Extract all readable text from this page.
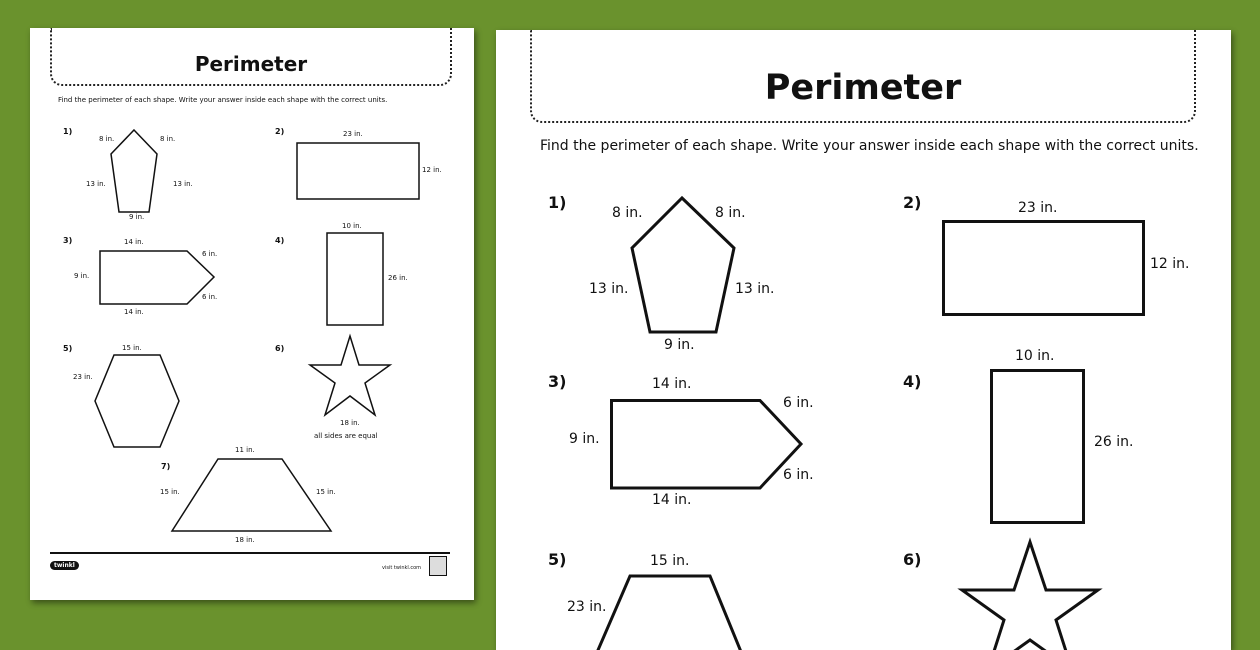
Perimeter
Find the perimeter of each shape. Write your answer inside each shape with the correct units.
1)
8 in.	8 in.
13 in.	13 in.
9 in.
2)	23 in.
12 in.
3)	14 in.
6 in.
9 in.
6 in.
14 in.
4)
10 in.
26 in.
5)	15 in.
23 in.
6)
18 in.
all sides are equal
7)
11 in.
15 in.	15 in.
18 in.
twinkl	visit twinkl.com
Perimeter
Find the perimeter of each shape. Write your answer inside each shape with the correct units.
1)
8 in.	8 in.
13 in.	13 in.
9 in.
2)	23 in.
12 in.
3)	14 in.
6 in.
9 in.
6 in.
14 in.
4)
10 in.
26 in.
5)	15 in.
23 in.
6)
